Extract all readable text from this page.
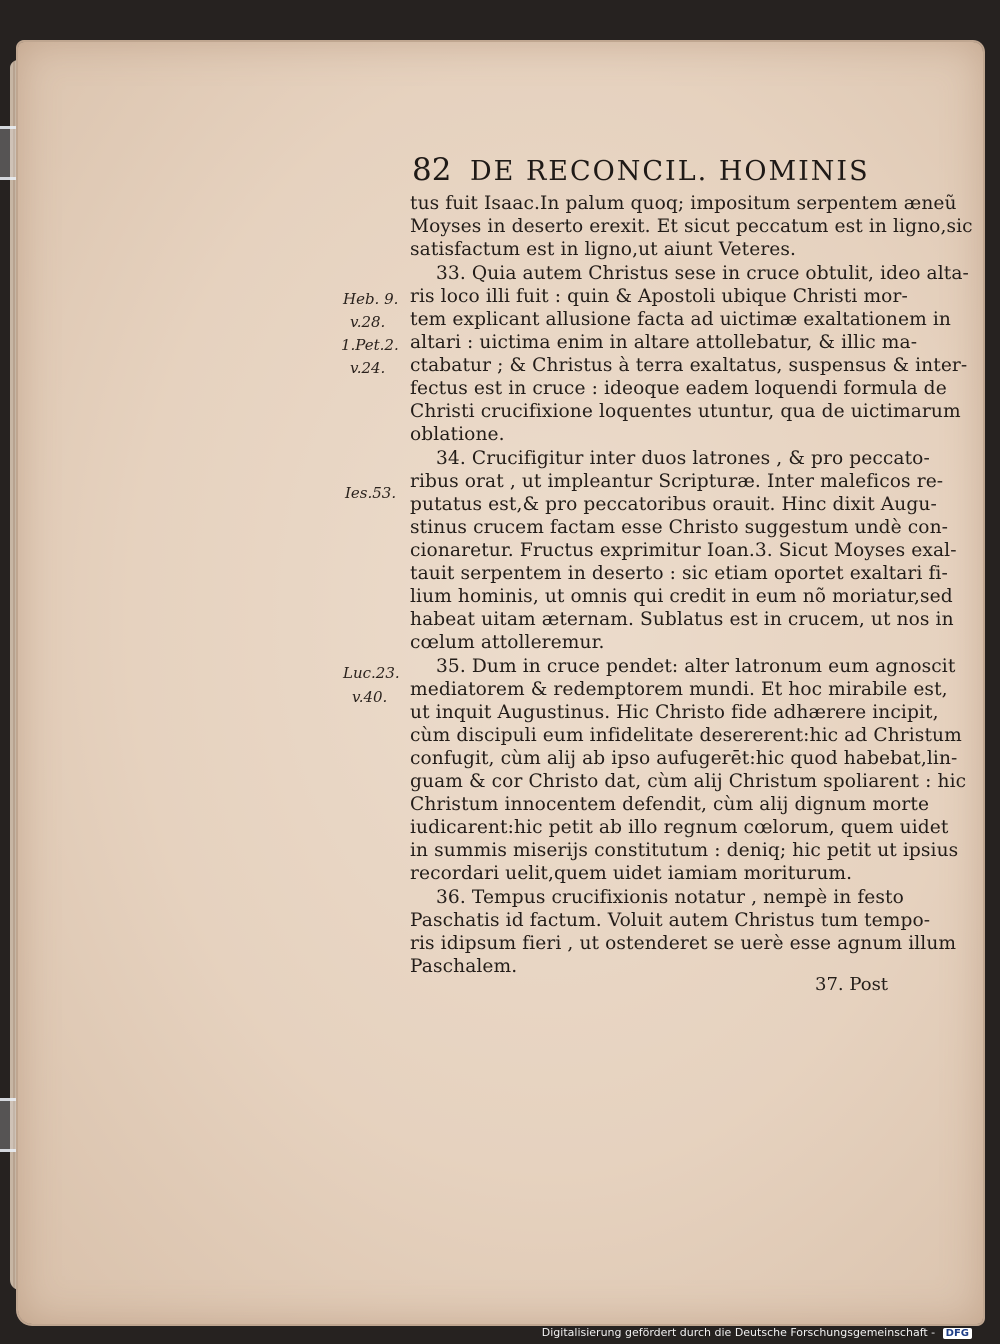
82 DE RECONCIL. HOMINIS
tus fuit Isaac.In palum quoq; impositum serpentem æneũ
Moyses in deserto erexit. Et sicut peccatum est in ligno,sic
satisfactum est in ligno,ut aiunt Veteres.
33. Quia autem Christus sese in cruce obtulit, ideo alta-
ris loco illi fuit : quin & Apostoli ubique Christi mor-
tem explicant allusione facta ad uictimæ exaltationem in
altari : uictima enim in altare attollebatur, & illic ma-
ctabatur ; & Christus à terra exaltatus, suspensus & inter-
fectus est in cruce : ideoque eadem loquendi formula de
Christi crucifixione loquentes utuntur, qua de uictimarum
oblatione.
34. Crucifigitur inter duos latrones , & pro peccato-
ribus orat , ut impleantur Scripturæ. Inter maleficos re-
putatus est,& pro peccatoribus orauit. Hinc dixit Augu-
stinus crucem factam esse Christo suggestum undè con-
cionaretur. Fructus exprimitur Ioan.3. Sicut Moyses exal-
tauit serpentem in deserto : sic etiam oportet exaltari fi-
lium hominis, ut omnis qui credit in eum nõ moriatur,sed
habeat uitam æternam. Sublatus est in crucem, ut nos in
cœlum attolleremur.
35. Dum in cruce pendet: alter latronum eum agnoscit
mediatorem & redemptorem mundi. Et hoc mirabile est,
ut inquit Augustinus. Hic Christo fide adhærere incipit,
cùm discipuli eum infidelitate desererent:hic ad Christum
confugit, cùm alij ab ipso aufugerēt:hic quod habebat,lin-
guam & cor Christo dat, cùm alij Christum spoliarent : hic
Christum innocentem defendit, cùm alij dignum morte
iudicarent:hic petit ab illo regnum cœlorum, quem uidet
in summis miserijs constitutum : deniq; hic petit ut ipsius
recordari uelit,quem uidet iamiam moriturum.
36. Tempus crucifixionis notatur , nempè in festo
Paschatis id factum. Voluit autem Christus tum tempo-
ris idipsum fieri , ut ostenderet se uerè esse agnum illum
Paschalem.
Heb. 9.
v.28.
1.Pet.2.
v.24.
Ies.53.
Luc.23.
v.40.
37. Post
Digitalisierung gefördert durch die Deutsche Forschungsgemeinschaft - DFG
